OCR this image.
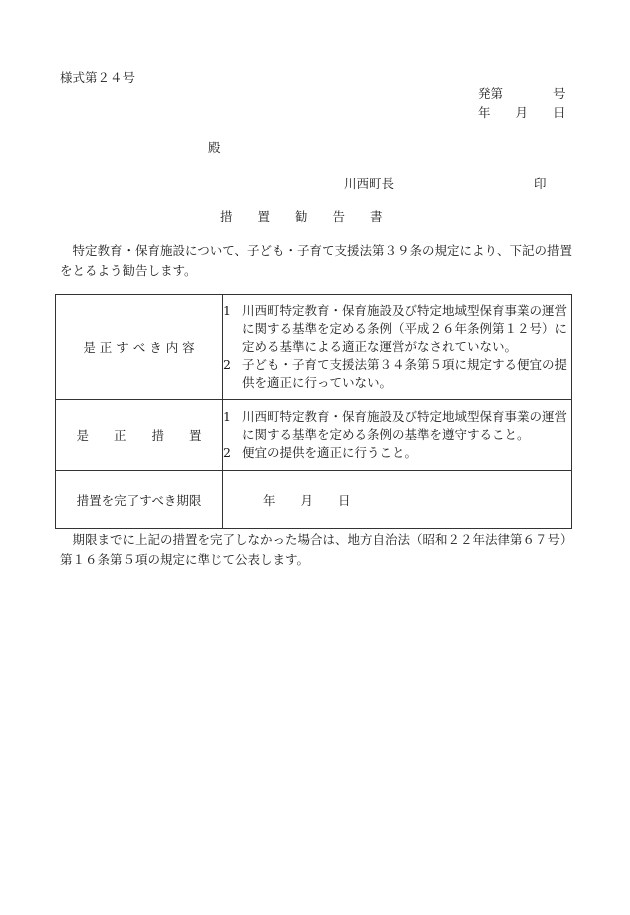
様式第２４号
発第　　　　号
年　　月　　日
殿
川西町長	印
措　　置　　勧　　告　　書
　特定教育・保育施設について、子ども・子育て支援法第３９条の規定により、下記の措置をとるよう勧告します。
是 正 す べ き 内 容	1 川西町特定教育・保育施設及び特定地域型保育事業の運営に関する基準を定める条例（平成２６年条例第１２号）に定める基準による適正な運営がなされていない。
2 子ども・子育て支援法第３４条第５項に規定する便宜の提供を適正に行っていない。

是　　正　　措　　置	1 川西町特定教育・保育施設及び特定地域型保育事業の運営に関する基準を定める条例の基準を遵守すること。
2 便宜の提供を適正に行うこと。

措置を完了すべき期限	年　　月　　日
　期限までに上記の措置を完了しなかった場合は、地方自治法（昭和２２年法律第６７号）第１６条第５項の規定に準じて公表します。
